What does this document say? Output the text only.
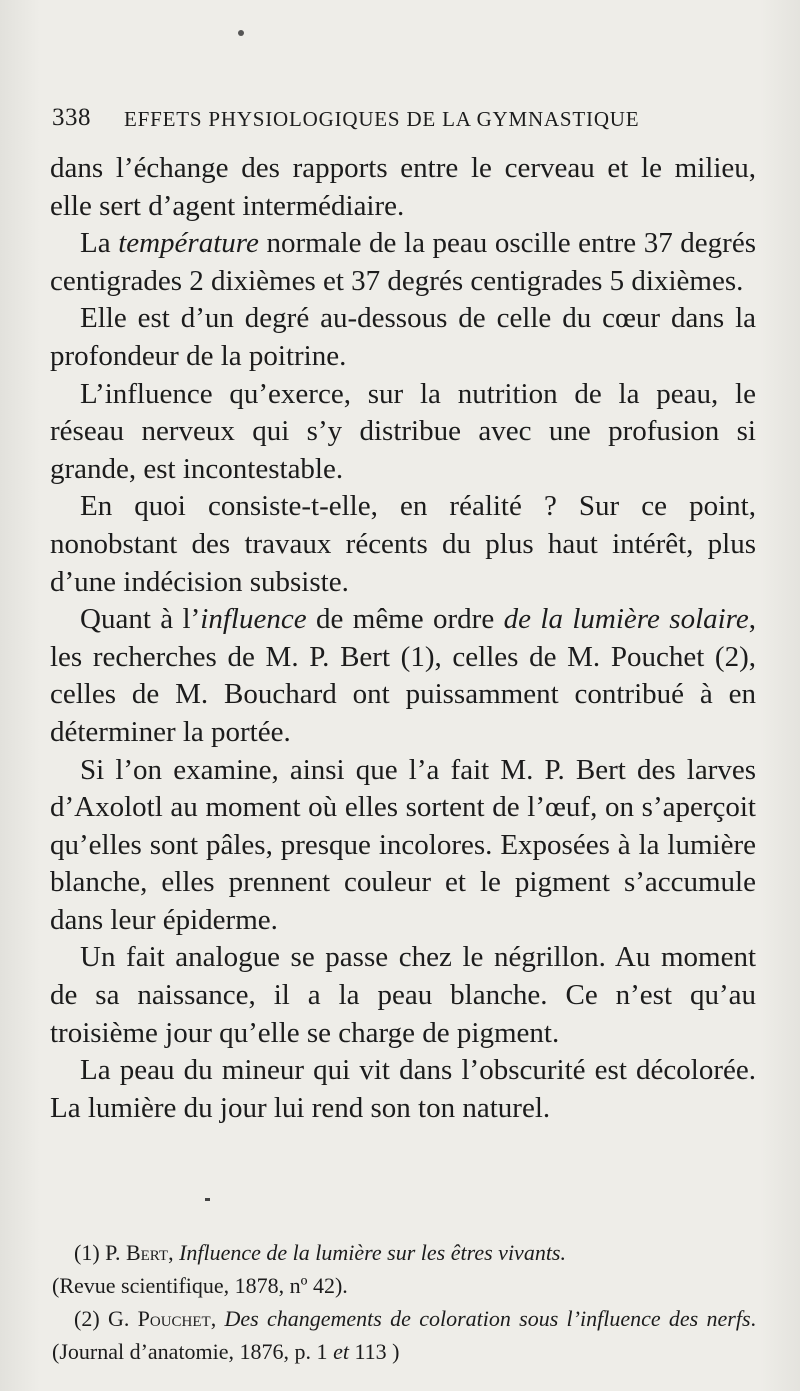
338 EFFETS PHYSIOLOGIQUES DE LA GYMNASTIQUE

dans l’échange des rapports entre le cerveau et le milieu, elle sert d’agent intermédiaire.

La température normale de la peau oscille entre 37 degrés centigrades 2 dixièmes et 37 degrés centigrades 5 dixièmes.

Elle est d’un degré au-dessous de celle du cœur dans la profondeur de la poitrine.

L’influence qu’exerce, sur la nutrition de la peau, le réseau nerveux qui s’y distribue avec une profusion si grande, est incontestable.

En quoi consiste-t-elle, en réalité ? Sur ce point, nonobstant des travaux récents du plus haut intérêt, plus d’une indécision subsiste.

Quant à l’influence de même ordre de la lumière solaire, les recherches de M. P. Bert (1), celles de M. Pouchet (2), celles de M. Bouchard ont puissamment contribué à en déterminer la portée.

Si l’on examine, ainsi que l’a fait M. P. Bert des larves d’Axolotl au moment où elles sortent de l’œuf, on s’aperçoit qu’elles sont pâles, presque incolores. Exposées à la lumière blanche, elles prennent couleur et le pigment s’accumule dans leur épiderme.

Un fait analogue se passe chez le négrillon. Au moment de sa naissance, il a la peau blanche. Ce n’est qu’au troisième jour qu’elle se charge de pigment.

La peau du mineur qui vit dans l’obscurité est décolorée. La lumière du jour lui rend son ton naturel.

(1) P. Bert, Influence de la lumière sur les êtres vivants.
(Revue scientifique, 1878, nº 42).

(2) G. Pouchet, Des changements de coloration sous l’influence des nerfs. (Journal d’anatomie, 1876, p. 1 et 113 )
